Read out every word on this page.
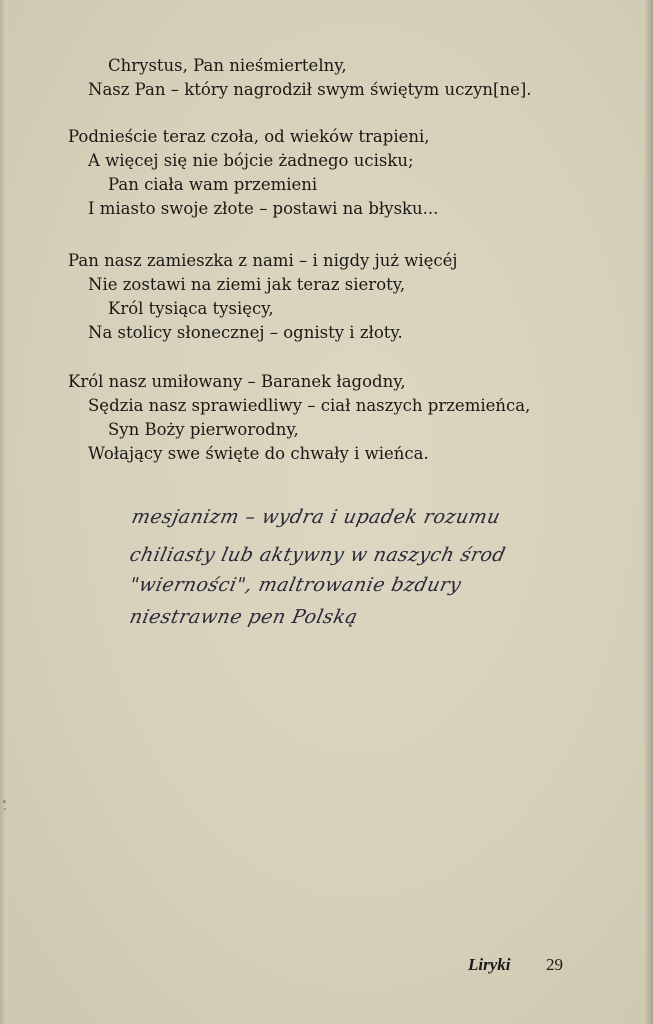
Chrystus, Pan nieśmiertelny,
Nasz Pan – który nagrodził swym świętym uczyn[ne].
Podnieście teraz czoła, od wieków trapieni,
A więcej się nie bójcie żadnego ucisku;
Pan ciała wam przemieni
I miasto swoje złote – postawi na błysku...
Pan nasz zamieszka z nami – i nigdy już więcéj
Nie zostawi na ziemi jak teraz sieroty,
Król tysiąca tysięcy,
Na stolicy słonecznej – ognisty i złoty.
Król nasz umiłowany – Baranek łagodny,
Sędzia nasz sprawiedliwy – ciał naszych przemieńca,
Syn Boży pierworodny,
Wołający swe święte do chwały i wieńca.
mesjanizm – wydra i upadek rozumu
chiliasty lub aktywny w naszych środ
"wierności", maltrowanie bzdury
niestrawne pen Polską
Liryki 29
